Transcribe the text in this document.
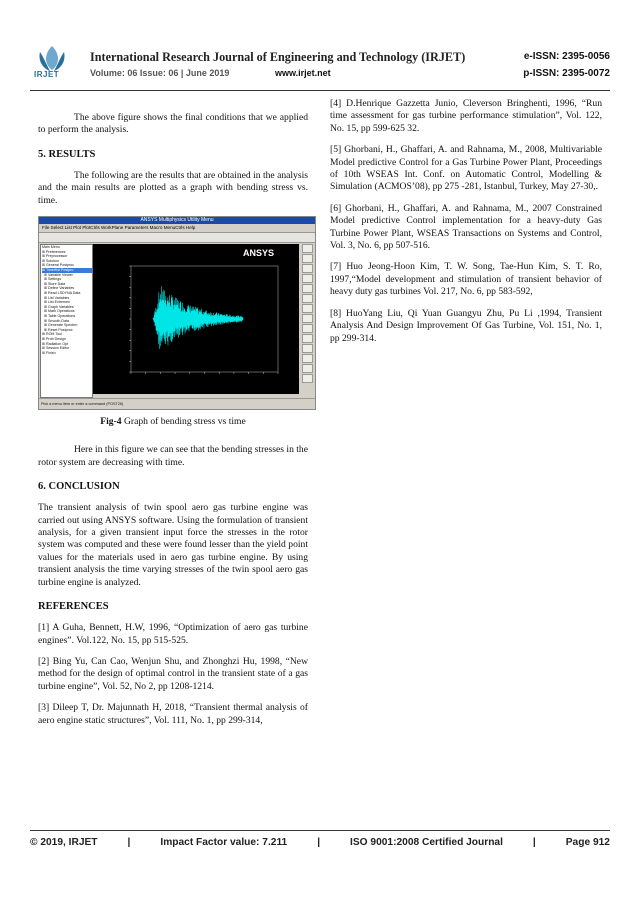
IRJET
International Research Journal of Engineering and Technology (IRJET)	e-ISSN: 2395-0056
Volume: 06 Issue: 06 | June 2019	www.irjet.net	p-ISSN: 2395-0072

The above figure shows the final conditions that we applied to perform the analysis.

5. RESULTS

The following are the results that are obtained in the analysis and the main results are plotted as a graph with bending stress vs. time.

ANSYS Multiphysics Utility Menu
File Select List Plot PlotCtrls WorkPlane Parameters Macro MenuCtrls Help
Main Menu
⊞ Preferences
⊞ Preprocessor
⊞ Solution
⊞ General Postproc
⊞ TimeHist Postpro
⊞ Variable Viewer
⊞ Settings
⊞ Store Data
⊞ Define Variables
⊞ Read LSDYNA Data
⊞ List Variables
⊞ List Extremes
⊞ Graph Variables
⊞ Math Operations
⊞ Table Operations
⊞ Smooth Data
⊞ Generate Spectrm
⊞ Reset Postproc
⊞ ROM Tool
⊞ Prob Design
⊞ Radiation Opt
⊞ Session Editor
⊞ Finish
ANSYS
Pick a menu item or enter a command (POST26)
Fig-4 Graph of bending stress vs time

Here in this figure we can see that the bending stresses in the rotor system are decreasing with time.

6. CONCLUSION

The transient analysis of twin spool aero gas turbine engine was carried out using ANSYS software. Using the formulation of transient analysis, for a given transient input force the stresses in the rotor system was computed and these were found lesser than the yield point values for the materials used in aero gas turbine engine. By using transient analysis the time varying stresses of the twin spool aero gas turbine engine is analyzed.

REFERENCES

[1] A Guha, Bennett, H.W, 1996, “Optimization of aero gas turbine engines”. Vol.122, No. 15, pp 515-525.

[2] Bing Yu, Can Cao, Wenjun Shu, and Zhonghzi Hu, 1998, “New method for the design of optimal control in the transient state of a gas turbine engine”, Vol. 52, No 2, pp 1208-1214.

[3] Dileep T, Dr. Majunnath H, 2018, “Transient thermal analysis of aero engine static structures”, Vol. 111, No. 1, pp 299-314,

[4] D.Henrique Gazzetta Junio, Cleverson Bringhenti, 1996, “Run time assessment for gas turbine performance stimulation”, Vol. 122, No. 15, pp 599-625 32.

[5] Ghorbani, H., Ghaffari, A. and Rahnama, M., 2008, Multivariable Model predictive Control for a Gas Turbine Power Plant, Proceedings of 10th WSEAS Int. Conf. on Automatic Control, Modelling & Simulation (ACMOS’08), pp 275 -281, Istanbul, Turkey, May 27-30,.

[6] Ghorbani, H., Ghaffari, A. and Rahnama, M., 2007 Constrained Model predictive Control implementation for a heavy-duty Gas Turbine Power Plant, WSEAS Transactions on Systems and Control, Vol. 3, No. 6, pp 507-516.

[7] Huo Jeong-Hoon Kim, T. W. Song, Tae-Hun Kim, S. T. Ro, 1997,“Model development and stimulation of transient behavior of heavy duty gas turbines Vol. 217, No. 6, pp 583-592,

[8] HuoYang Liu, Qi Yuan Guangyu Zhu, Pu Li ,1994, Transient Analysis And Design Improvement Of Gas Turbine, Vol. 151, No. 1, pp 299-314.

© 2019, IRJET	|	Impact Factor value: 7.211	|	ISO 9001:2008 Certified Journal	|	Page 912
